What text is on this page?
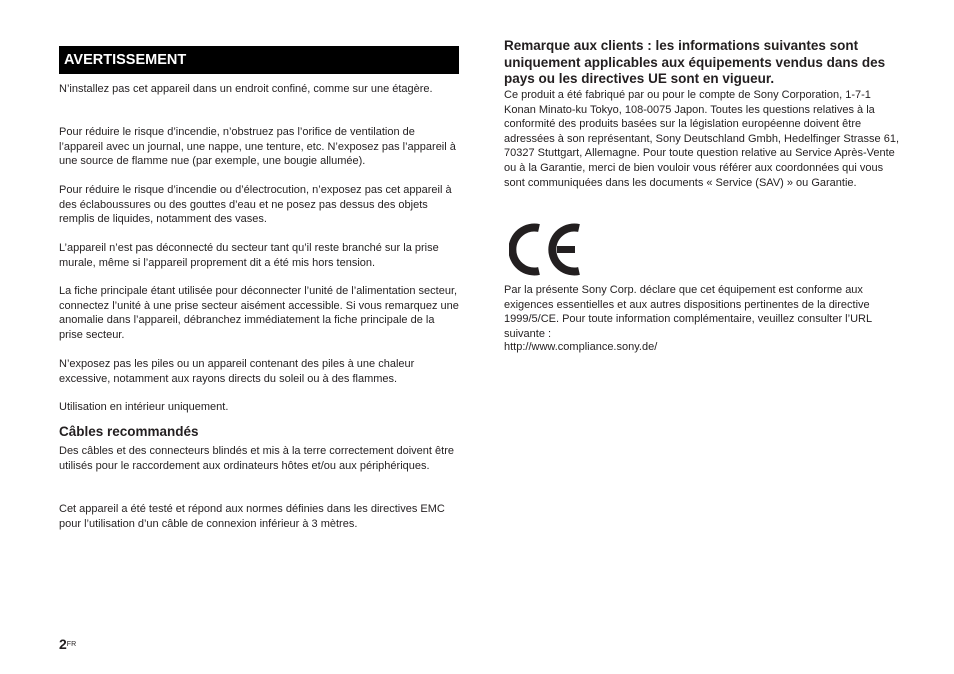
AVERTISSEMENT

N’installez pas cet appareil dans un endroit confiné, comme sur une étagère.

Pour réduire le risque d’incendie, n’obstruez pas l’orifice de ventilation de l’appareil avec un journal, une nappe, une tenture, etc. N’exposez pas l’appareil à une source de flamme nue (par exemple, une bougie allumée).

Pour réduire le risque d’incendie ou d’électrocution, n’exposez pas cet appareil à des éclaboussures ou des gouttes d’eau et ne posez pas dessus des objets remplis de liquides, notamment des vases.

L’appareil n’est pas déconnecté du secteur tant qu’il reste branché sur la prise murale, même si l’appareil proprement dit a été mis hors tension.

La fiche principale étant utilisée pour déconnecter l’unité de l’alimentation secteur, connectez l’unité à une prise secteur aisément accessible. Si vous remarquez une anomalie dans l’appareil, débranchez immédiatement la fiche principale de la prise secteur.

N’exposez pas les piles ou un appareil contenant des piles à une chaleur excessive, notamment aux rayons directs du soleil ou à des flammes.

Utilisation en intérieur uniquement.

Câbles recommandés

Des câbles et des connecteurs blindés et mis à la terre correctement doivent être utilisés pour le raccordement aux ordinateurs hôtes et/ou aux périphériques.

Cet appareil a été testé et répond aux normes définies dans les directives EMC pour l’utilisation d’un câble de connexion inférieur à 3 mètres.

Remarque aux clients : les informations suivantes sont uniquement applicables aux équipements vendus dans des pays ou les directives UE sont en vigueur.

Ce produit a été fabriqué par ou pour le compte de Sony Corporation, 1-7-1 Konan Minato-ku Tokyo, 108-0075 Japon. Toutes les questions relatives à la conformité des produits basées sur la législation européenne doivent être adressées à son représentant, Sony Deutschland Gmbh, Hedelfinger Strasse 61, 70327 Stuttgart, Allemagne. Pour toute question relative au Service Après-Vente ou à la Garantie, merci de bien vouloir vous référer aux coordonnées qui vous sont communiquées dans les documents « Service (SAV) » ou Garantie.

Par la présente Sony Corp. déclare que cet équipement est conforme aux exigences essentielles et aux autres dispositions pertinentes de la directive 1999/5/CE. Pour toute information complémentaire, veuillez consulter l’URL suivante :

http://www.compliance.sony.de/

$2^{FR}$
